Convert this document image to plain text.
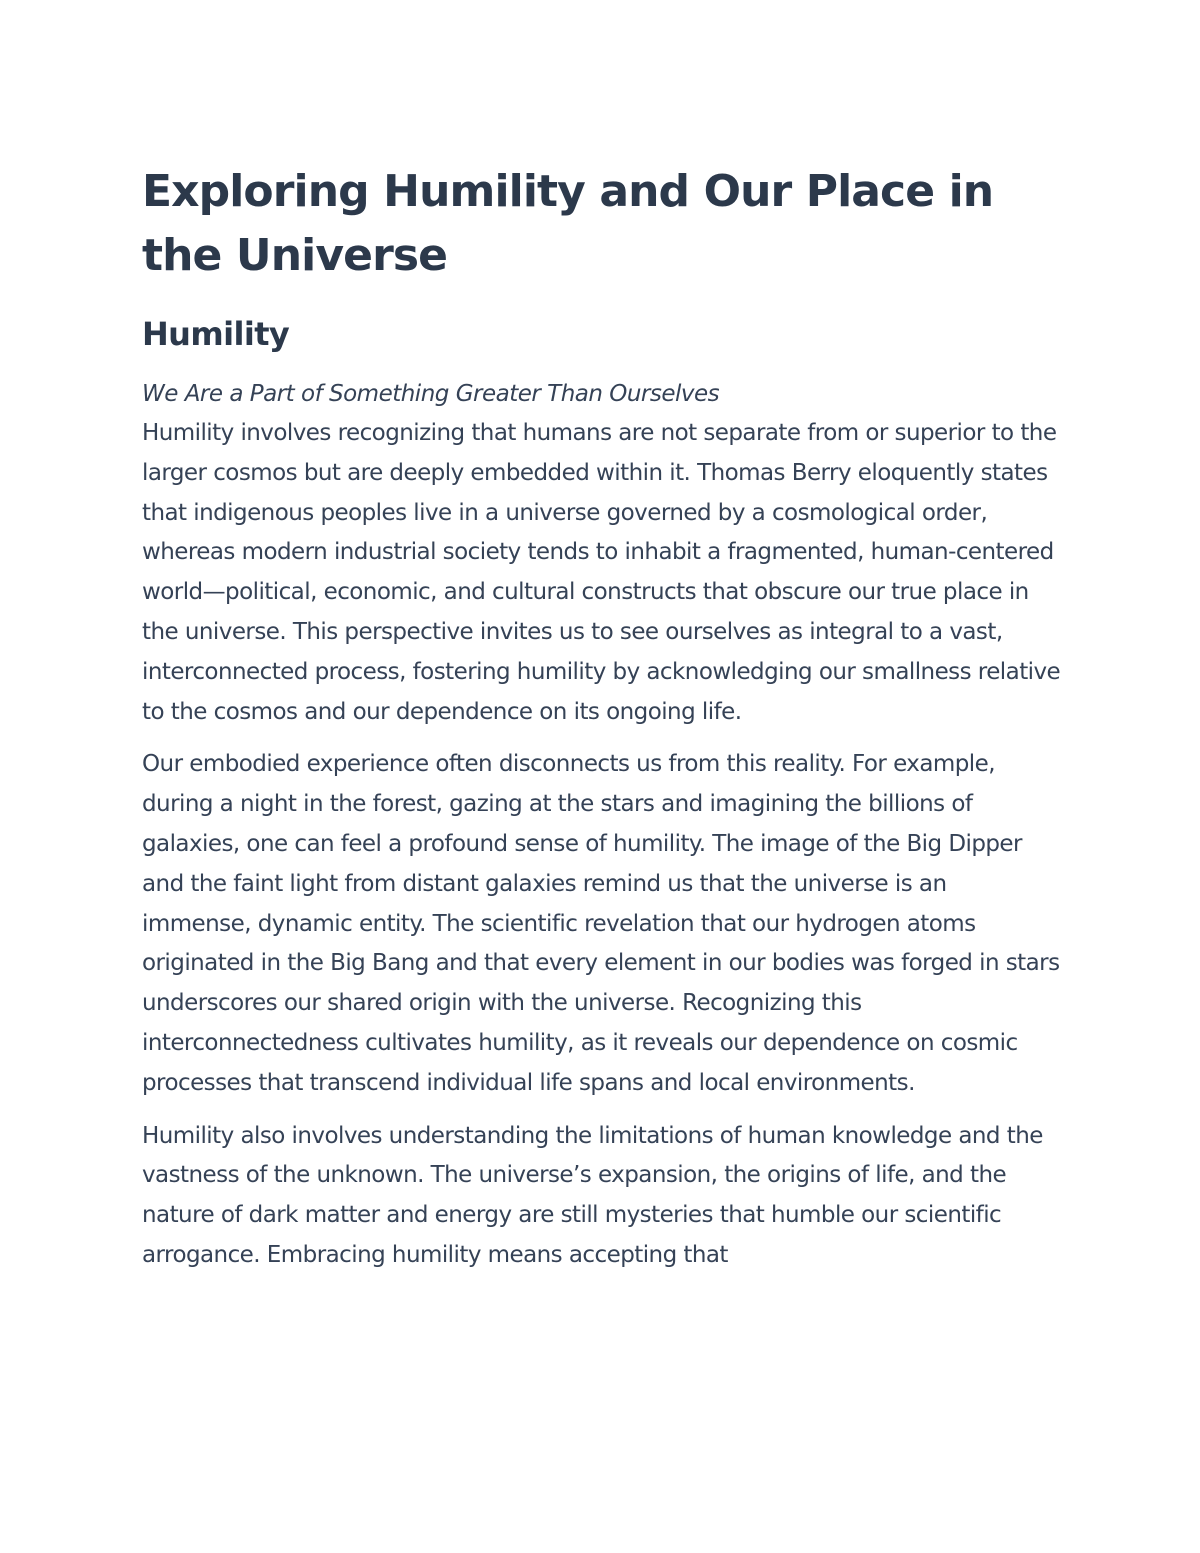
Exploring Humility and Our Place in the Universe
Humility

We Are a Part of Something Greater Than Ourselves

Humility involves recognizing that humans are not separate from or superior to the larger cosmos but are deeply embedded within it. Thomas Berry eloquently states that indigenous peoples live in a universe governed by a cosmological order, whereas modern industrial society tends to inhabit a fragmented, human-centered world—political, economic, and cultural constructs that obscure our true place in the universe. This perspective invites us to see ourselves as integral to a vast, interconnected process, fostering humility by acknowledging our smallness relative to the cosmos and our dependence on its ongoing life.

Our embodied experience often disconnects us from this reality. For example, during a night in the forest, gazing at the stars and imagining the billions of galaxies, one can feel a profound sense of humility. The image of the Big Dipper and the faint light from distant galaxies remind us that the universe is an immense, dynamic entity. The scientific revelation that our hydrogen atoms originated in the Big Bang and that every element in our bodies was forged in stars underscores our shared origin with the universe. Recognizing this interconnectedness cultivates humility, as it reveals our dependence on cosmic processes that transcend individual life spans and local environments.

Humility also involves understanding the limitations of human knowledge and the vastness of the unknown. The universe’s expansion, the origins of life, and the nature of dark matter and energy are still mysteries that humble our scientific arrogance. Embracing humility means accepting that
